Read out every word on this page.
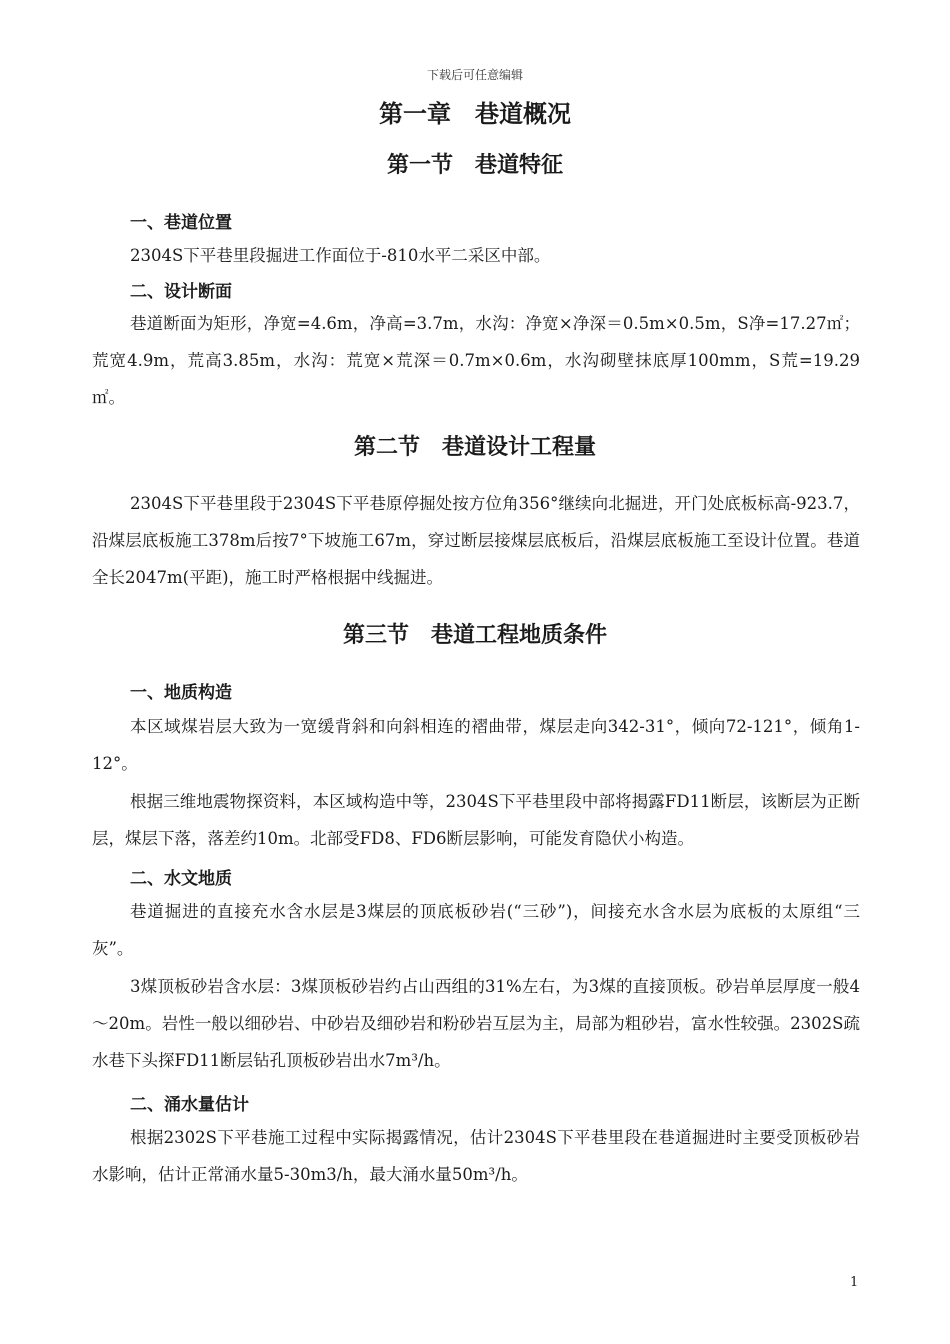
下载后可任意编辑
第一章　巷道概况
第一节　巷道特征
一、巷道位置
2304S下平巷里段掘进工作面位于-810水平二采区中部。
二、设计断面
巷道断面为矩形，净宽=4.6m，净高=3.7m，水沟：净宽×净深＝0.5m×0.5m，S净=17.27㎡；荒宽4.9m，荒高3.85m，水沟：荒宽×荒深＝0.7m×0.6m，水沟砌壁抹底厚100mm，S荒=19.29㎡。
第二节　巷道设计工程量
2304S下平巷里段于2304S下平巷原停掘处按方位角356°继续向北掘进，开门处底板标高-923.7，沿煤层底板施工378m后按7°下坡施工67m，穿过断层接煤层底板后，沿煤层底板施工至设计位置。巷道全长2047m(平距)，施工时严格根据中线掘进。
第三节　巷道工程地质条件
一、地质构造
本区域煤岩层大致为一宽缓背斜和向斜相连的褶曲带，煤层走向342-31°，倾向72-121°，倾角1-12°。
根据三维地震物探资料，本区域构造中等，2304S下平巷里段中部将揭露FD11断层，该断层为正断层，煤层下落，落差约10m。北部受FD8、FD6断层影响，可能发育隐伏小构造。
二、水文地质
巷道掘进的直接充水含水层是3煤层的顶底板砂岩(“三砂”)，间接充水含水层为底板的太原组“三灰”。
3煤顶板砂岩含水层：3煤顶板砂岩约占山西组的31%左右，为3煤的直接顶板。砂岩单层厚度一般4～20m。岩性一般以细砂岩、中砂岩及细砂岩和粉砂岩互层为主，局部为粗砂岩，富水性较强。2302S疏水巷下头探FD11断层钻孔顶板砂岩出水7m³/h。
二、涌水量估计
根据2302S下平巷施工过程中实际揭露情况，估计2304S下平巷里段在巷道掘进时主要受顶板砂岩水影响，估计正常涌水量5-30m3/h，最大涌水量50m³/h。
1
